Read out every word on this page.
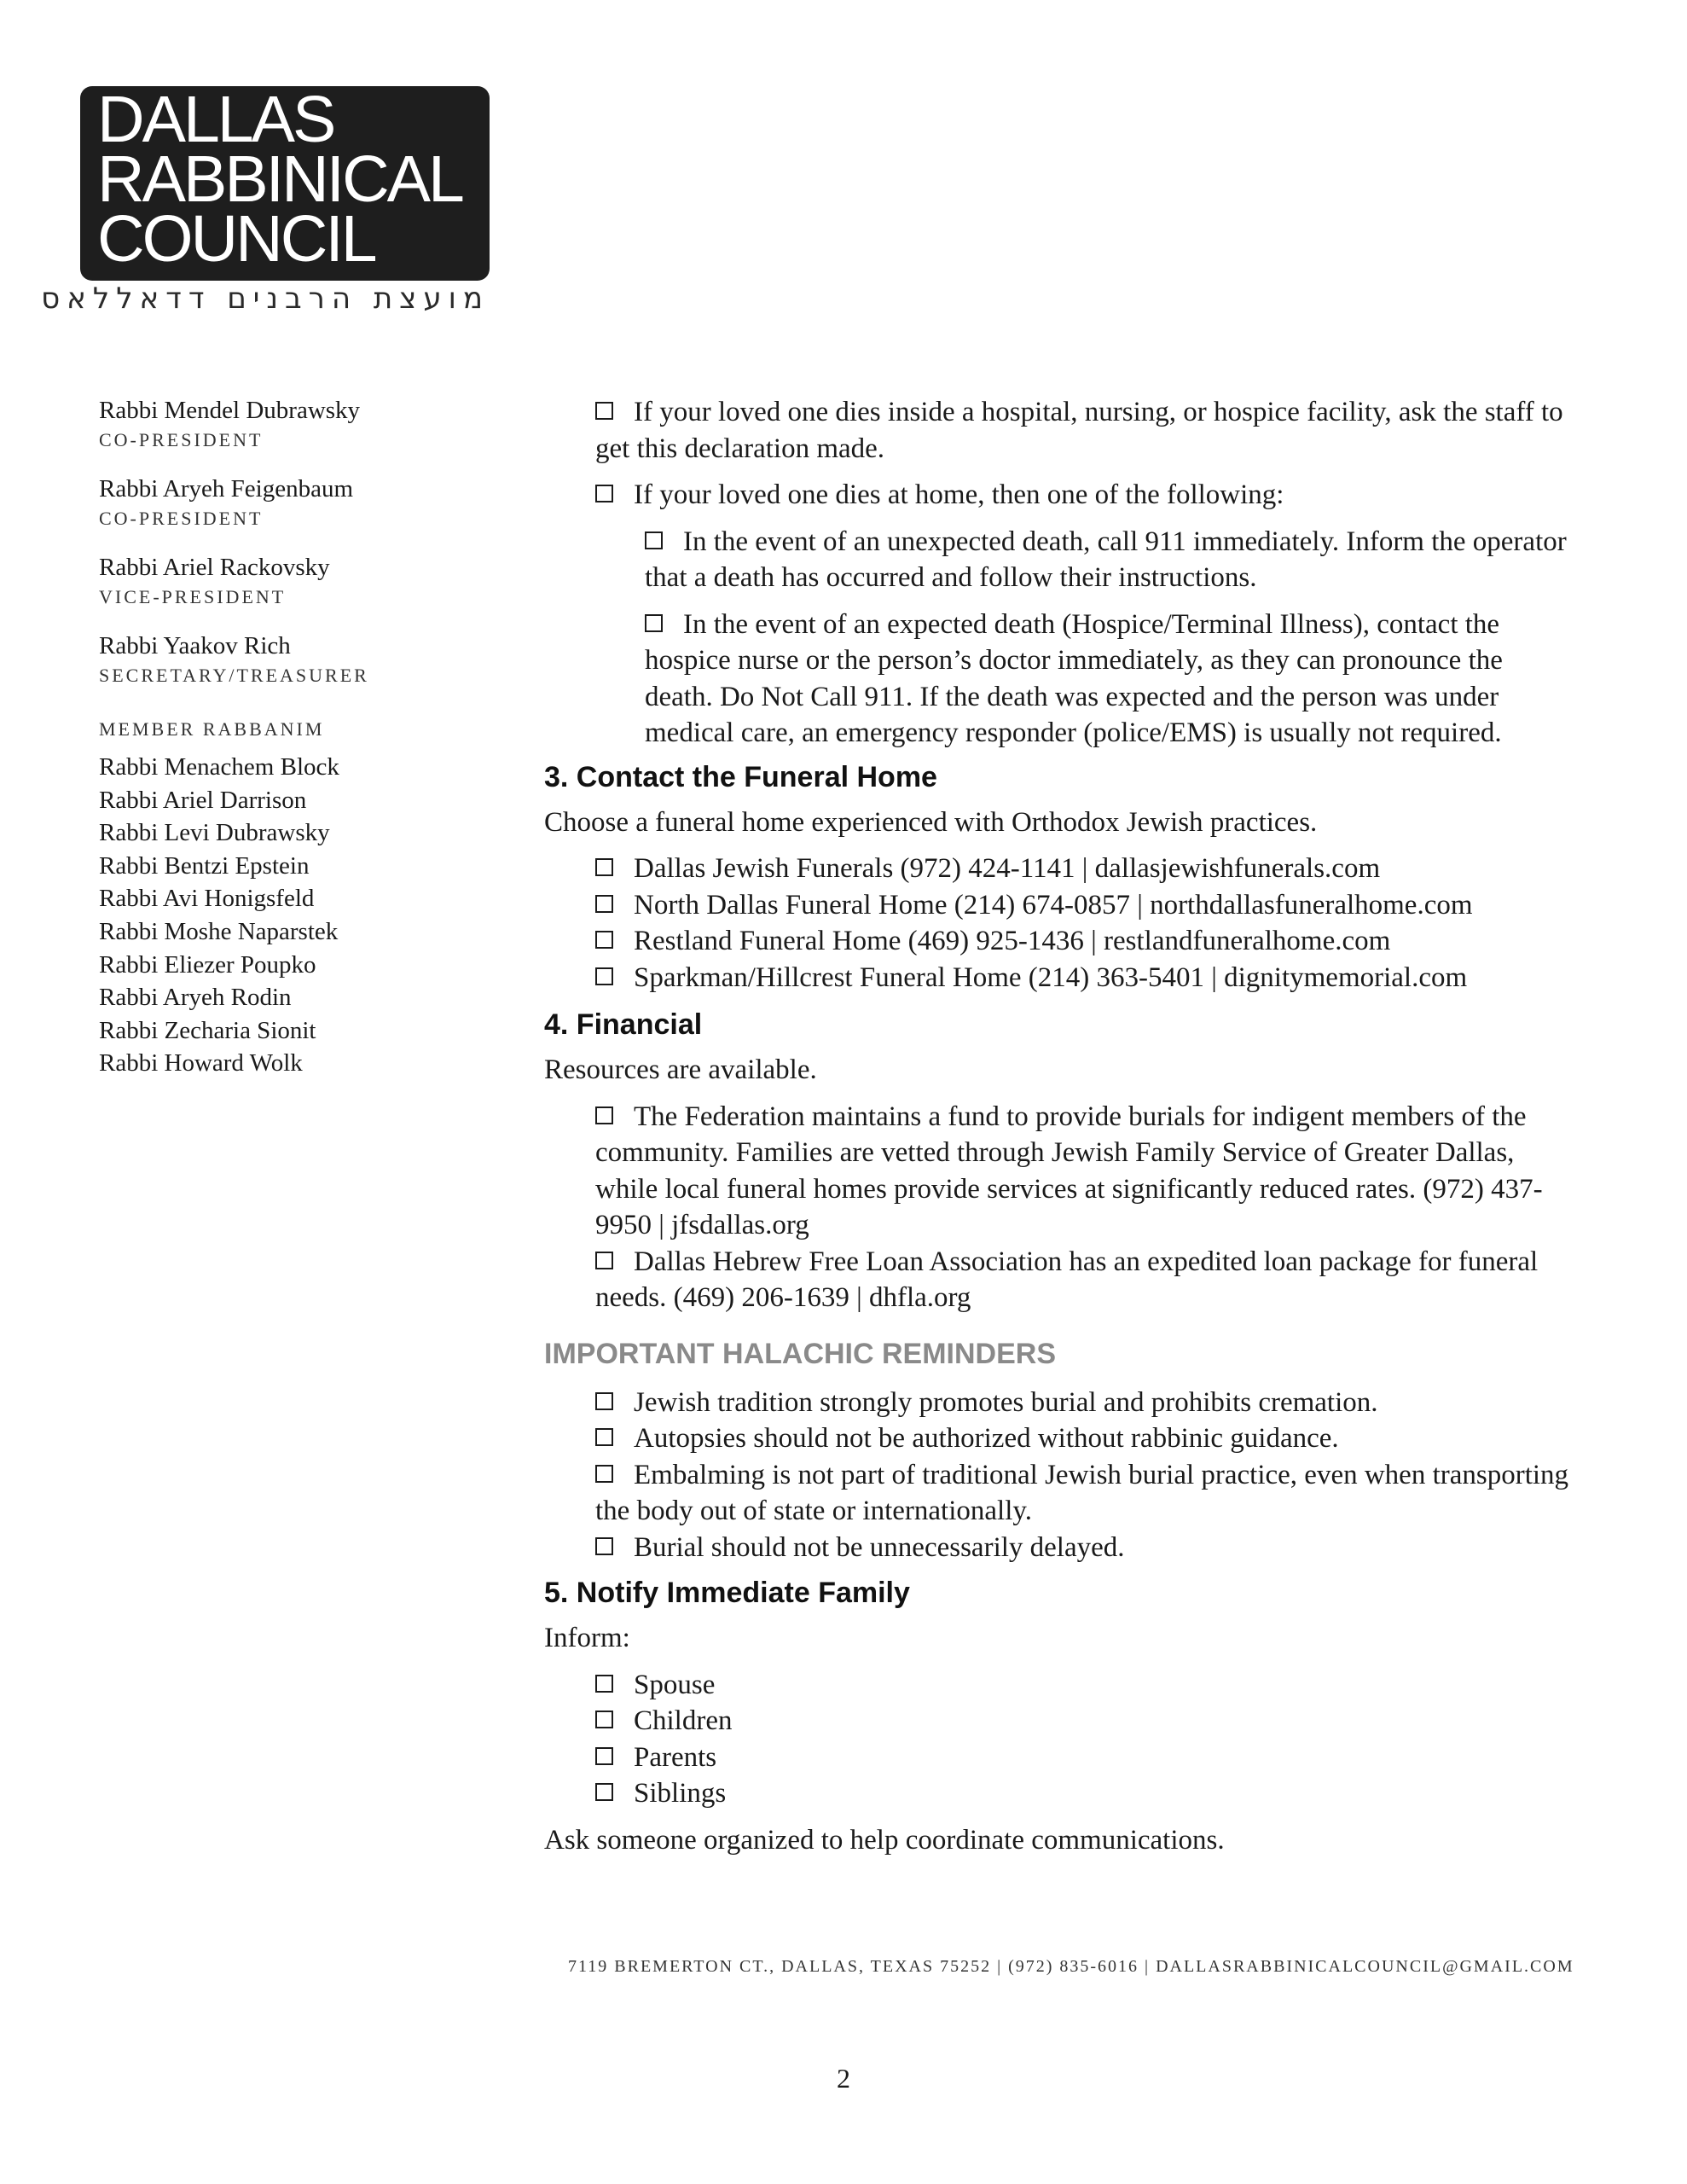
DALLAS
RABBINICAL
COUNCIL
מועצת הרבנים דדאללאס
Rabbi Mendel Dubrawsky
CO-PRESIDENT
Rabbi Aryeh Feigenbaum
CO-PRESIDENT
Rabbi Ariel Rackovsky
VICE-PRESIDENT
Rabbi Yaakov Rich
SECRETARY/TREASURER
MEMBER RABBANIM
Rabbi Menachem Block
Rabbi Ariel Darrison
Rabbi Levi Dubrawsky
Rabbi Bentzi Epstein
Rabbi Avi Honigsfeld
Rabbi Moshe Naparstek
Rabbi Eliezer Poupko
Rabbi Aryeh Rodin
Rabbi Zecharia Sionit
Rabbi Howard Wolk
If your loved one dies inside a hospital, nursing, or hospice facility, ask the staff to get this declaration made.
If your loved one dies at home, then one of the following:
In the event of an unexpected death, call 911 immediately. Inform the operator that a death has occurred and follow their instructions.
In the event of an expected death (Hospice/Terminal Illness), contact the hospice nurse or the person’s doctor immediately, as they can pronounce the death. Do Not Call 911. If the death was expected and the person was under medical care, an emergency responder (police/EMS) is usually not required.
3. Contact the Funeral Home
Choose a funeral home experienced with Orthodox Jewish practices.
Dallas Jewish Funerals (972) 424-1141 | dallasjewishfunerals.com
North Dallas Funeral Home (214) 674-0857 | northdallasfuneralhome.com
Restland Funeral Home (469) 925-1436 | restlandfuneralhome.com
Sparkman/Hillcrest Funeral Home (214) 363-5401 | dignitymemorial.com
4. Financial
Resources are available.
The Federation maintains a fund to provide burials for indigent members of the community. Families are vetted through Jewish Family Service of Greater Dallas, while local funeral homes provide services at significantly reduced rates. (972) 437-9950 | jfsdallas.org
Dallas Hebrew Free Loan Association has an expedited loan package for funeral needs. (469) 206-1639 | dhfla.org
IMPORTANT HALACHIC REMINDERS
Jewish tradition strongly promotes burial and prohibits cremation.
Autopsies should not be authorized without rabbinic guidance.
Embalming is not part of traditional Jewish burial practice, even when transporting the body out of state or internationally.
Burial should not be unnecessarily delayed.
5. Notify Immediate Family
Inform:
Spouse
Children
Parents
Siblings
Ask someone organized to help coordinate communications.
7119 BREMERTON CT., DALLAS, TEXAS 75252 | (972) 835-6016 | DALLASRABBINICALCOUNCIL@GMAIL.COM
2
